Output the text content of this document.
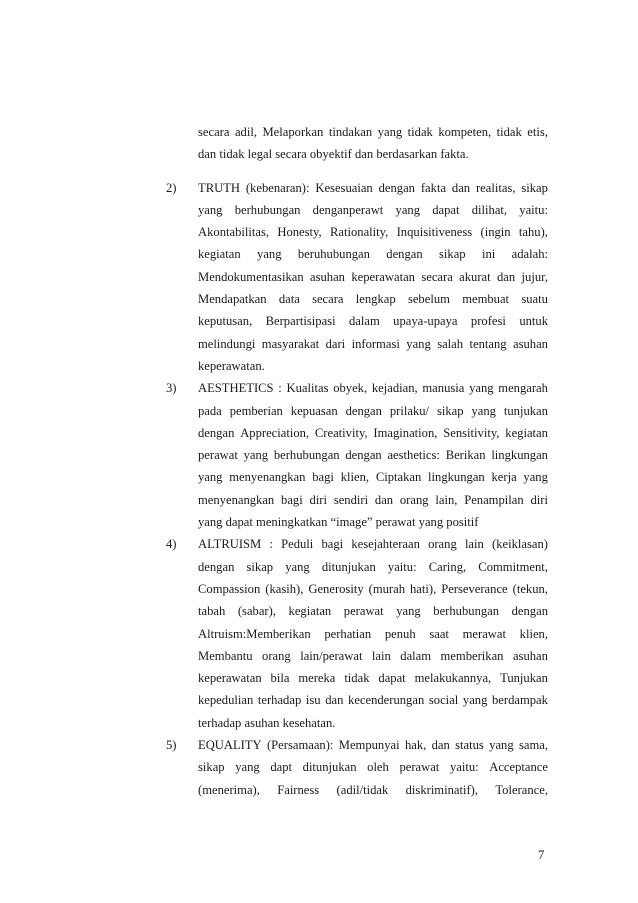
secara adil, Melaporkan tindakan yang tidak kompeten, tidak etis,
dan tidak legal secara obyektif dan berdasarkan fakta.
2) TRUTH (kebenaran): Kesesuaian dengan fakta dan realitas, sikap
yang berhubungan denganperawt yang dapat dilihat, yaitu:
Akontabilitas, Honesty, Rationality, Inquisitiveness (ingin tahu),
kegiatan yang beruhubungan dengan sikap ini adalah:
Mendokumentasikan asuhan keperawatan secara akurat dan jujur,
Mendapatkan data secara lengkap sebelum membuat suatu
keputusan, Berpartisipasi dalam upaya-upaya profesi untuk
melindungi masyarakat dari informasi yang salah tentang asuhan
keperawatan.
3) AESTHETICS : Kualitas obyek, kejadian, manusia yang mengarah
pada pemberian kepuasan dengan prilaku/ sikap yang tunjukan
dengan Appreciation, Creativity, Imagination, Sensitivity, kegiatan
perawat yang berhubungan dengan aesthetics: Berikan lingkungan
yang menyenangkan bagi klien, Ciptakan lingkungan kerja yang
menyenangkan bagi diri sendiri dan orang lain, Penampilan diri
yang dapat meningkatkan “image” perawat yang positif
4) ALTRUISM : Peduli bagi kesejahteraan orang lain (keiklasan)
dengan sikap yang ditunjukan yaitu: Caring, Commitment,
Compassion (kasih), Generosity (murah hati), Perseverance (tekun,
tabah (sabar), kegiatan perawat yang berhubungan dengan
Altruism:Memberikan perhatian penuh saat merawat klien,
Membantu orang lain/perawat lain dalam memberikan asuhan
keperawatan bila mereka tidak dapat melakukannya, Tunjukan
kepedulian terhadap isu dan kecenderungan social yang berdampak
terhadap asuhan kesehatan.
5) EQUALITY (Persamaan): Mempunyai hak, dan status yang sama,
sikap yang dapt ditunjukan oleh perawat yaitu: Acceptance
(menerima), Fairness (adil/tidak diskriminatif), Tolerance,
7
